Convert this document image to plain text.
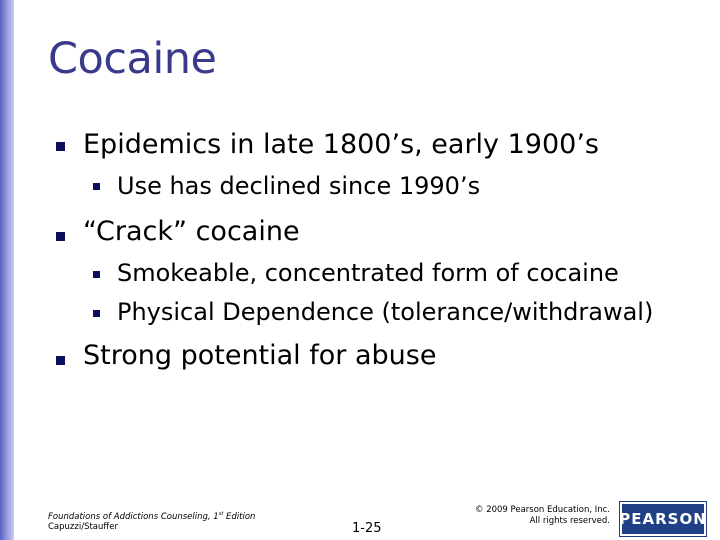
Cocaine
Epidemics in late 1800’s, early 1900’s
Use has declined since 1990’s
“Crack” cocaine
Smokeable, concentrated form of cocaine
Physical Dependence (tolerance/withdrawal)
Strong potential for abuse
Foundations of Addictions Counseling, 1st Edition
Capuzzi/Stauffer	1-25
© 2009 Pearson Education, Inc.
All rights reserved. PEARSON
